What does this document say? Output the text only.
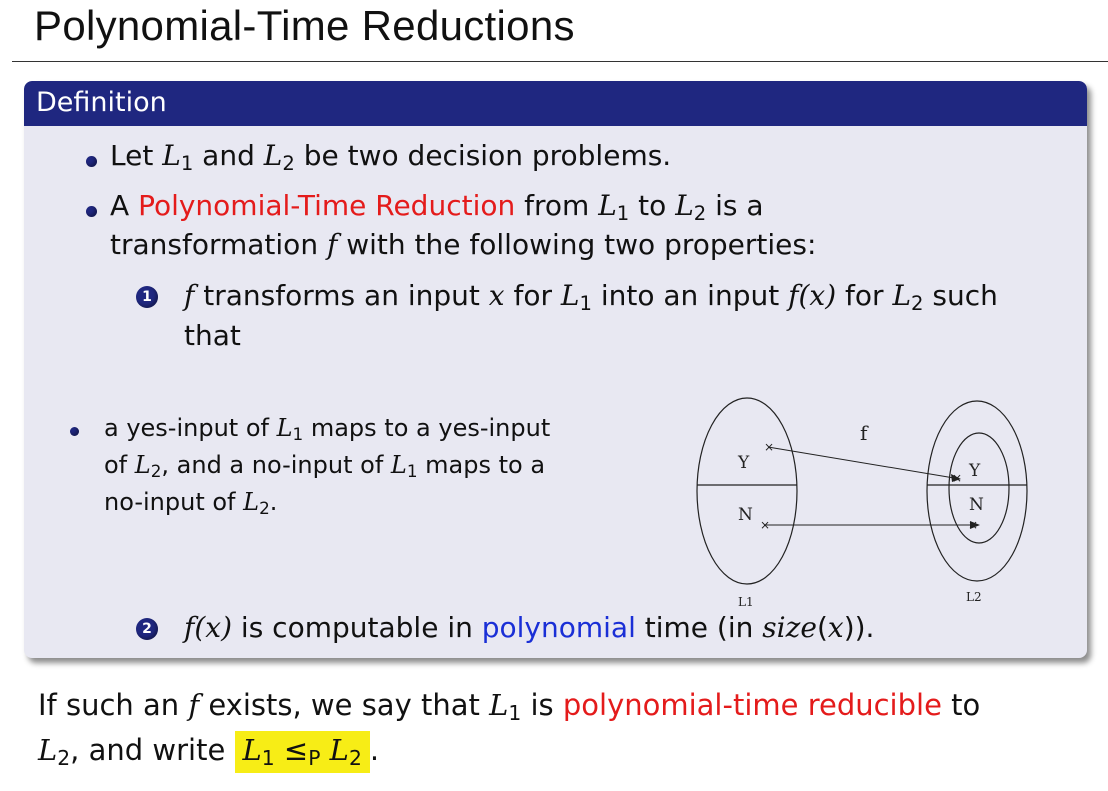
Polynomial-Time Reductions
Definition
Let $L_1$ and $L_2$ be two decision problems.
A Polynomial-Time Reduction from $L_1$ to $L_2$ is a
transformation f with the following two properties:
1 f transforms an input x for $L_1$ into an input f(x) for $L_2$ such
that
a yes-input of $L_1$ maps to a yes-input
of $L_2$, and a no-input of $L_1$ maps to a
no-input of $L_2$.
2 f(x) is computable in polynomial time (in size(x)).
×
×
×
×
f
Y
N
Y
N
L1	L2
If such an f exists, we say that $L_1$ is polynomial-time reducible to
$L_2$, and write $L_1 \le_P$ $L_2$ .
